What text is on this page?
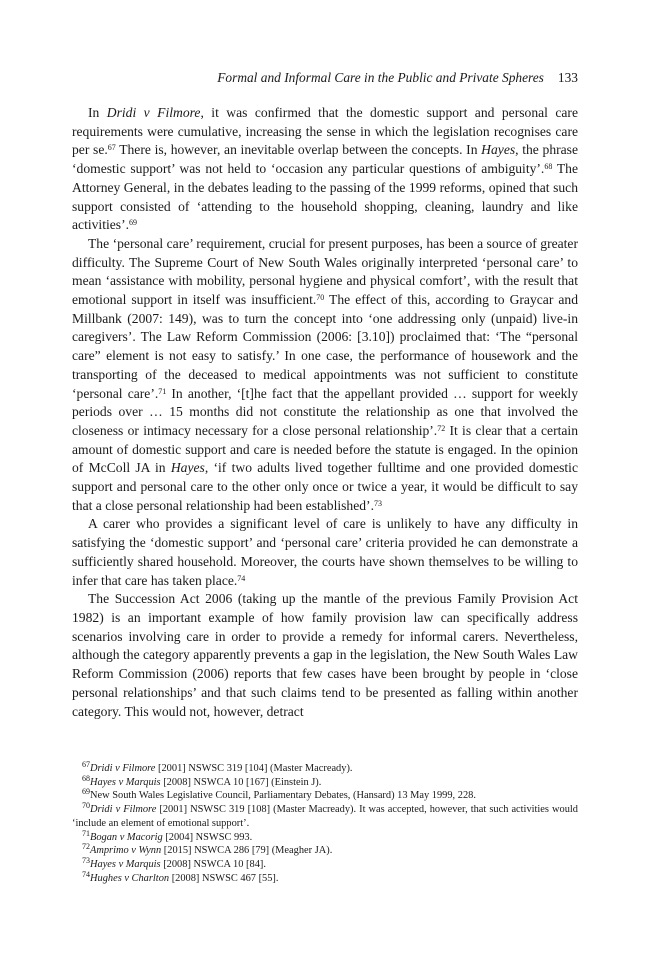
Formal and Informal Care in the Public and Private Spheres 133

In Dridi v Filmore, it was confirmed that the domestic support and personal care requirements were cumulative, increasing the sense in which the legislation recognises care per se.$^{67}$ There is, however, an inevitable overlap between the concepts. In Hayes, the phrase ‘domestic support’ was not held to ‘occasion any particular questions of ambiguity’.$^{68}$ The Attorney General, in the debates leading to the passing of the 1999 reforms, opined that such support consisted of ‘attending to the household shopping, cleaning, laundry and like activities’.$^{69}$

The ‘personal care’ requirement, crucial for present purposes, has been a source of greater difficulty. The Supreme Court of New South Wales originally interpreted ‘personal care’ to mean ‘assistance with mobility, personal hygiene and physical comfort’, with the result that emotional support in itself was insufficient.$^{70}$ The effect of this, according to Graycar and Millbank (2007: 149), was to turn the concept into ‘one addressing only (unpaid) live-in caregivers’. The Law Reform Commission (2006: [3.10]) proclaimed that: ‘The “personal care” element is not easy to satisfy.’ In one case, the performance of housework and the transporting of the deceased to medical appointments was not sufficient to constitute ‘personal care’.$^{71}$ In another, ‘[t]he fact that the appellant provided … support for weekly periods over … 15 months did not constitute the relationship as one that involved the closeness or intimacy necessary for a close personal relationship’.$^{72}$ It is clear that a certain amount of domestic support and care is needed before the statute is engaged. In the opinion of McColl JA in Hayes, ‘if two adults lived together fulltime and one provided domestic support and personal care to the other only once or twice a year, it would be difficult to say that a close personal relationship had been established’.$^{73}$

A carer who provides a significant level of care is unlikely to have any difficulty in satisfying the ‘domestic support’ and ‘personal care’ criteria provided he can demonstrate a sufficiently shared household. Moreover, the courts have shown themselves to be willing to infer that care has taken place.$^{74}$

The Succession Act 2006 (taking up the mantle of the previous Family Provision Act 1982) is an important example of how family provision law can specifically address scenarios involving care in order to provide a remedy for informal carers. Nevertheless, although the category apparently prevents a gap in the legislation, the New South Wales Law Reform Commission (2006) reports that few cases have been brought by people in ‘close personal relationships’ and that such claims tend to be presented as falling within another category. This would not, however, detract

$^{67}$Dridi v Filmore [2001] NSWSC 319 [104] (Master Macready).

$^{68}$Hayes v Marquis [2008] NSWCA 10 [167] (Einstein J).

$^{69}$New South Wales Legislative Council, Parliamentary Debates, (Hansard) 13 May 1999, 228.

$^{70}$Dridi v Filmore [2001] NSWSC 319 [108] (Master Macready). It was accepted, however, that such activities would ‘include an element of emotional support’.

$^{71}$Bogan v Macorig [2004] NSWSC 993.

$^{72}$Amprimo v Wynn [2015] NSWCA 286 [79] (Meagher JA).

$^{73}$Hayes v Marquis [2008] NSWCA 10 [84].

$^{74}$Hughes v Charlton [2008] NSWSC 467 [55].
